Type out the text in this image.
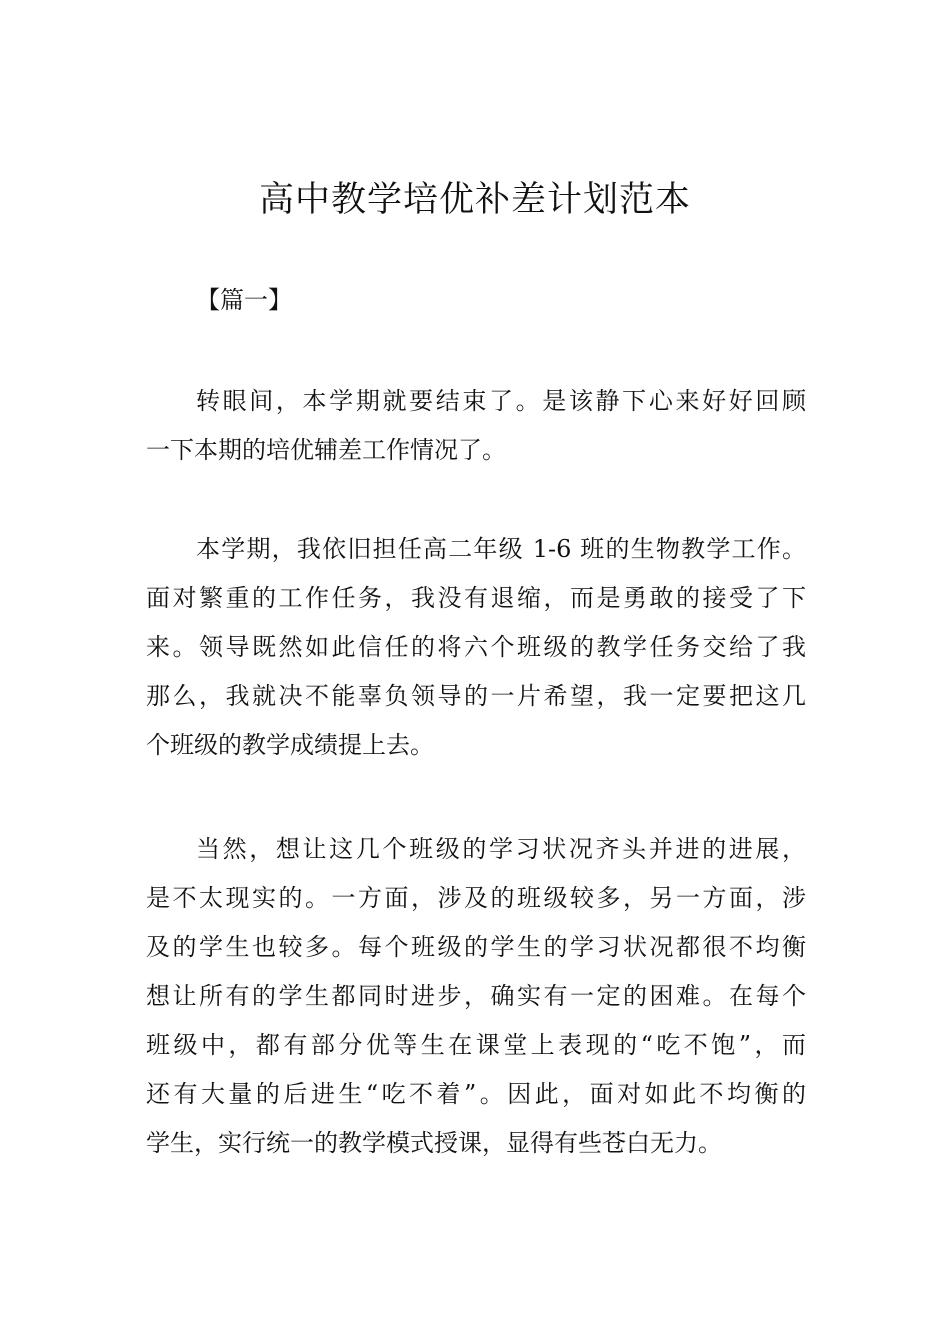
高中教学培优补差计划范本
【篇一】
转眼间，本学期就要结束了。是该静下心来好好回顾
一下本期的培优辅差工作情况了。
本学期，我依旧担任高二年级 1-6 班的生物教学工作。
面对繁重的工作任务，我没有退缩，而是勇敢的接受了下
来。领导既然如此信任的将六个班级的教学任务交给了我
那么，我就决不能辜负领导的一片希望，我一定要把这几
个班级的教学成绩提上去。
当然，想让这几个班级的学习状况齐头并进的进展，
是不太现实的。一方面，涉及的班级较多，另一方面，涉
及的学生也较多。每个班级的学生的学习状况都很不均衡
想让所有的学生都同时进步，确实有一定的困难。在每个
班级中，都有部分优等生在课堂上表现的“吃不饱”，而
还有大量的后进生“吃不着”。因此，面对如此不均衡的
学生，实行统一的教学模式授课，显得有些苍白无力。
